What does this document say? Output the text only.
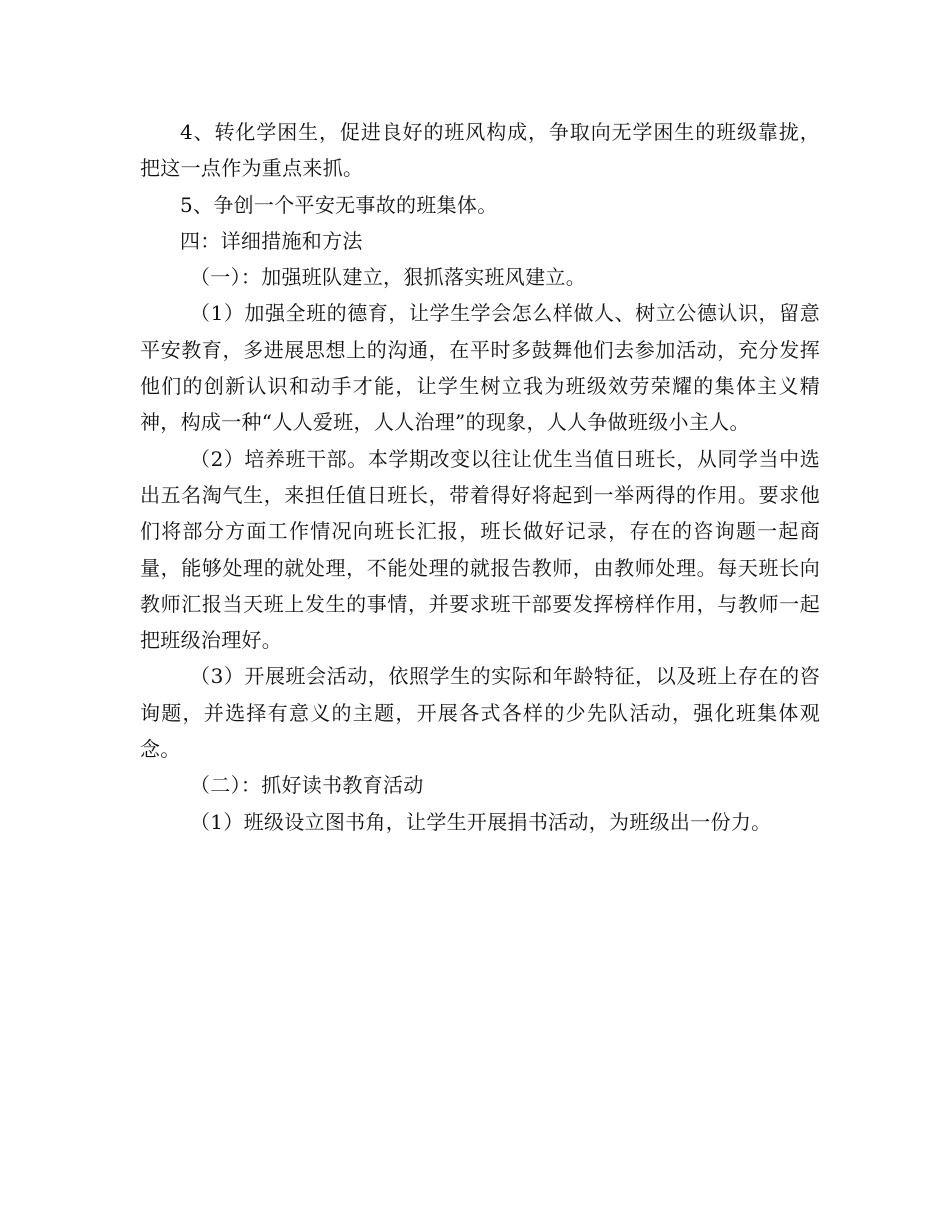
4、转化学困生，促进良好的班风构成，争取向无学困生的班级靠拢，把这一点作为重点来抓。

5、争创一个平安无事故的班集体。

四：详细措施和方法

（一）：加强班队建立，狠抓落实班风建立。

（1）加强全班的德育，让学生学会怎么样做人、树立公德认识，留意平安教育，多进展思想上的沟通，在平时多鼓舞他们去参加活动，充分发挥他们的创新认识和动手才能，让学生树立我为班级效劳荣耀的集体主义精神，构成一种“人人爱班，人人治理”的现象，人人争做班级小主人。

（2）培养班干部。本学期改变以往让优生当值日班长，从同学当中选出五名淘气生，来担任值日班长，带着得好将起到一举两得的作用。要求他们将部分方面工作情况向班长汇报，班长做好记录，存在的咨询题一起商量，能够处理的就处理，不能处理的就报告教师，由教师处理。每天班长向教师汇报当天班上发生的事情，并要求班干部要发挥榜样作用，与教师一起把班级治理好。

（3）开展班会活动，依照学生的实际和年龄特征，以及班上存在的咨询题，并选择有意义的主题，开展各式各样的少先队活动，强化班集体观念。

（二）：抓好读书教育活动

（1）班级设立图书角，让学生开展捐书活动，为班级出一份力。
